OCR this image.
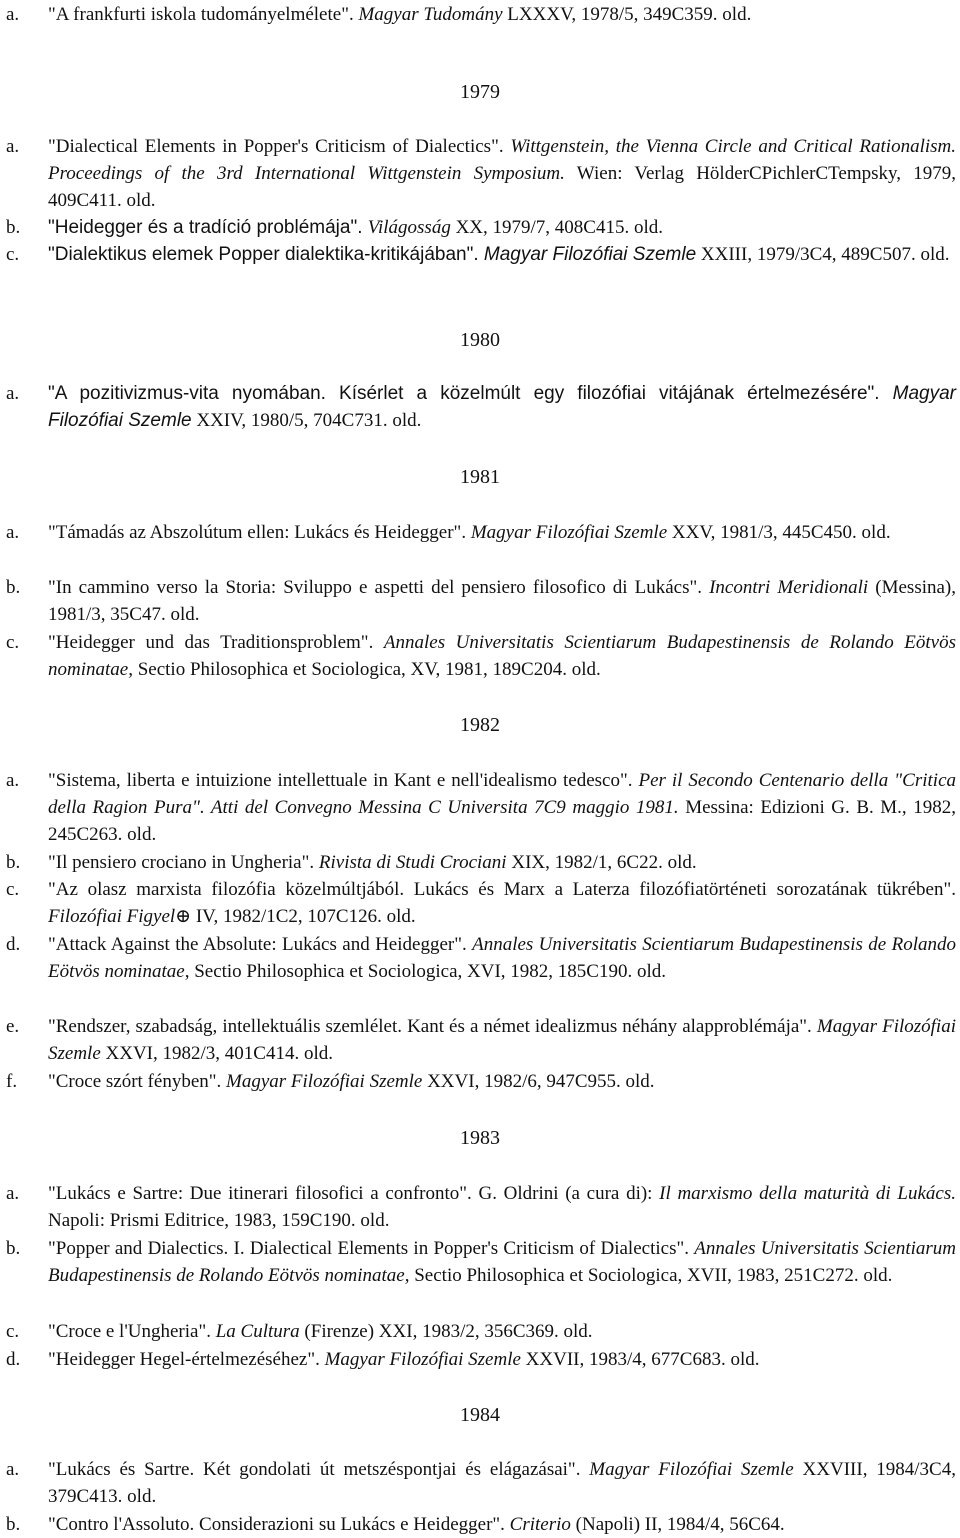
a.	"A frankfurti iskola tudományelmélete". Magyar Tudomány LXXXV, 1978/5, 349C359. old.
1979
a.	"Dialectical Elements in Popper's Criticism of Dialectics". Wittgenstein, the Vienna Circle and Critical Rationalism. Proceedings of the 3rd International Wittgenstein Symposium. Wien: Verlag HölderCPichlerCTempsky, 1979, 409C411. old.
b.	"Heidegger és a tradíció problémája". Világosság XX, 1979/7, 408C415. old.
c.	"Dialektikus elemek Popper dialektika-kritikájában". Magyar Filozófiai Szemle XXIII, 1979/3C4, 489C507. old.
1980
a.	"A pozitivizmus-vita nyomában. Kísérlet a közelmúlt egy filozófiai vitájának értelmezésére". Magyar Filozófiai Szemle XXIV, 1980/5, 704C731. old.
1981
a.	"Támadás az Abszolútum ellen: Lukács és Heidegger". Magyar Filozófiai Szemle XXV, 1981/3, 445C450. old.
b.	"In cammino verso la Storia: Sviluppo e aspetti del pensiero filosofico di Lukács". Incontri Meridionali (Messina), 1981/3, 35C47. old.
c.	"Heidegger und das Traditionsproblem". Annales Universitatis Scientiarum Budapestinensis de Rolando Eötvös nominatae, Sectio Philosophica et Sociologica, XV, 1981, 189C204. old.
1982
a.	"Sistema, liberta e intuizione intellettuale in Kant e nell'idealismo tedesco". Per il Secondo Centenario della "Critica della Ragion Pura". Atti del Convegno Messina C Universita 7C9 maggio 1981. Messina: Edizioni G. B. M., 1982, 245C263. old.
b.	"Il pensiero crociano in Ungheria". Rivista di Studi Crociani XIX, 1982/1, 6C22. old.
c.	"Az olasz marxista filozófia közelmúltjából. Lukács és Marx a Laterza filozófiatörténeti sorozatának tükrében". Filozófiai Figyel⊕ IV, 1982/1C2, 107C126. old.
d.	"Attack Against the Absolute: Lukács and Heidegger". Annales Universitatis Scientiarum Budapestinensis de Rolando Eötvös nominatae, Sectio Philosophica et Sociologica, XVI, 1982, 185C190. old.
e.	"Rendszer, szabadság, intellektuális szemlélet. Kant és a német idealizmus néhány alapproblémája". Magyar Filozófiai Szemle XXVI, 1982/3, 401C414. old.
f.	"Croce szórt fényben". Magyar Filozófiai Szemle XXVI, 1982/6, 947C955. old.
1983
a.	"Lukács e Sartre: Due itinerari filosofici a confronto". G. Oldrini (a cura di): Il marxismo della maturità di Lukács. Napoli: Prismi Editrice, 1983, 159C190. old.
b.	"Popper and Dialectics. I. Dialectical Elements in Popper's Criticism of Dialectics". Annales Universitatis Scientiarum Budapestinensis de Rolando Eötvös nominatae, Sectio Philosophica et Sociologica, XVII, 1983, 251C272. old.
c.	"Croce e l'Ungheria". La Cultura (Firenze) XXI, 1983/2, 356C369. old.
d.	"Heidegger Hegel-értelmezéséhez". Magyar Filozófiai Szemle XXVII, 1983/4, 677C683. old.
1984
a.	"Lukács és Sartre. Két gondolati út metszéspontjai és elágazásai". Magyar Filozófiai Szemle XXVIII, 1984/3C4, 379C413. old.
b.	"Contro l'Assoluto. Considerazioni su Lukács e Heidegger". Criterio (Napoli) II, 1984/4, 56C64.
